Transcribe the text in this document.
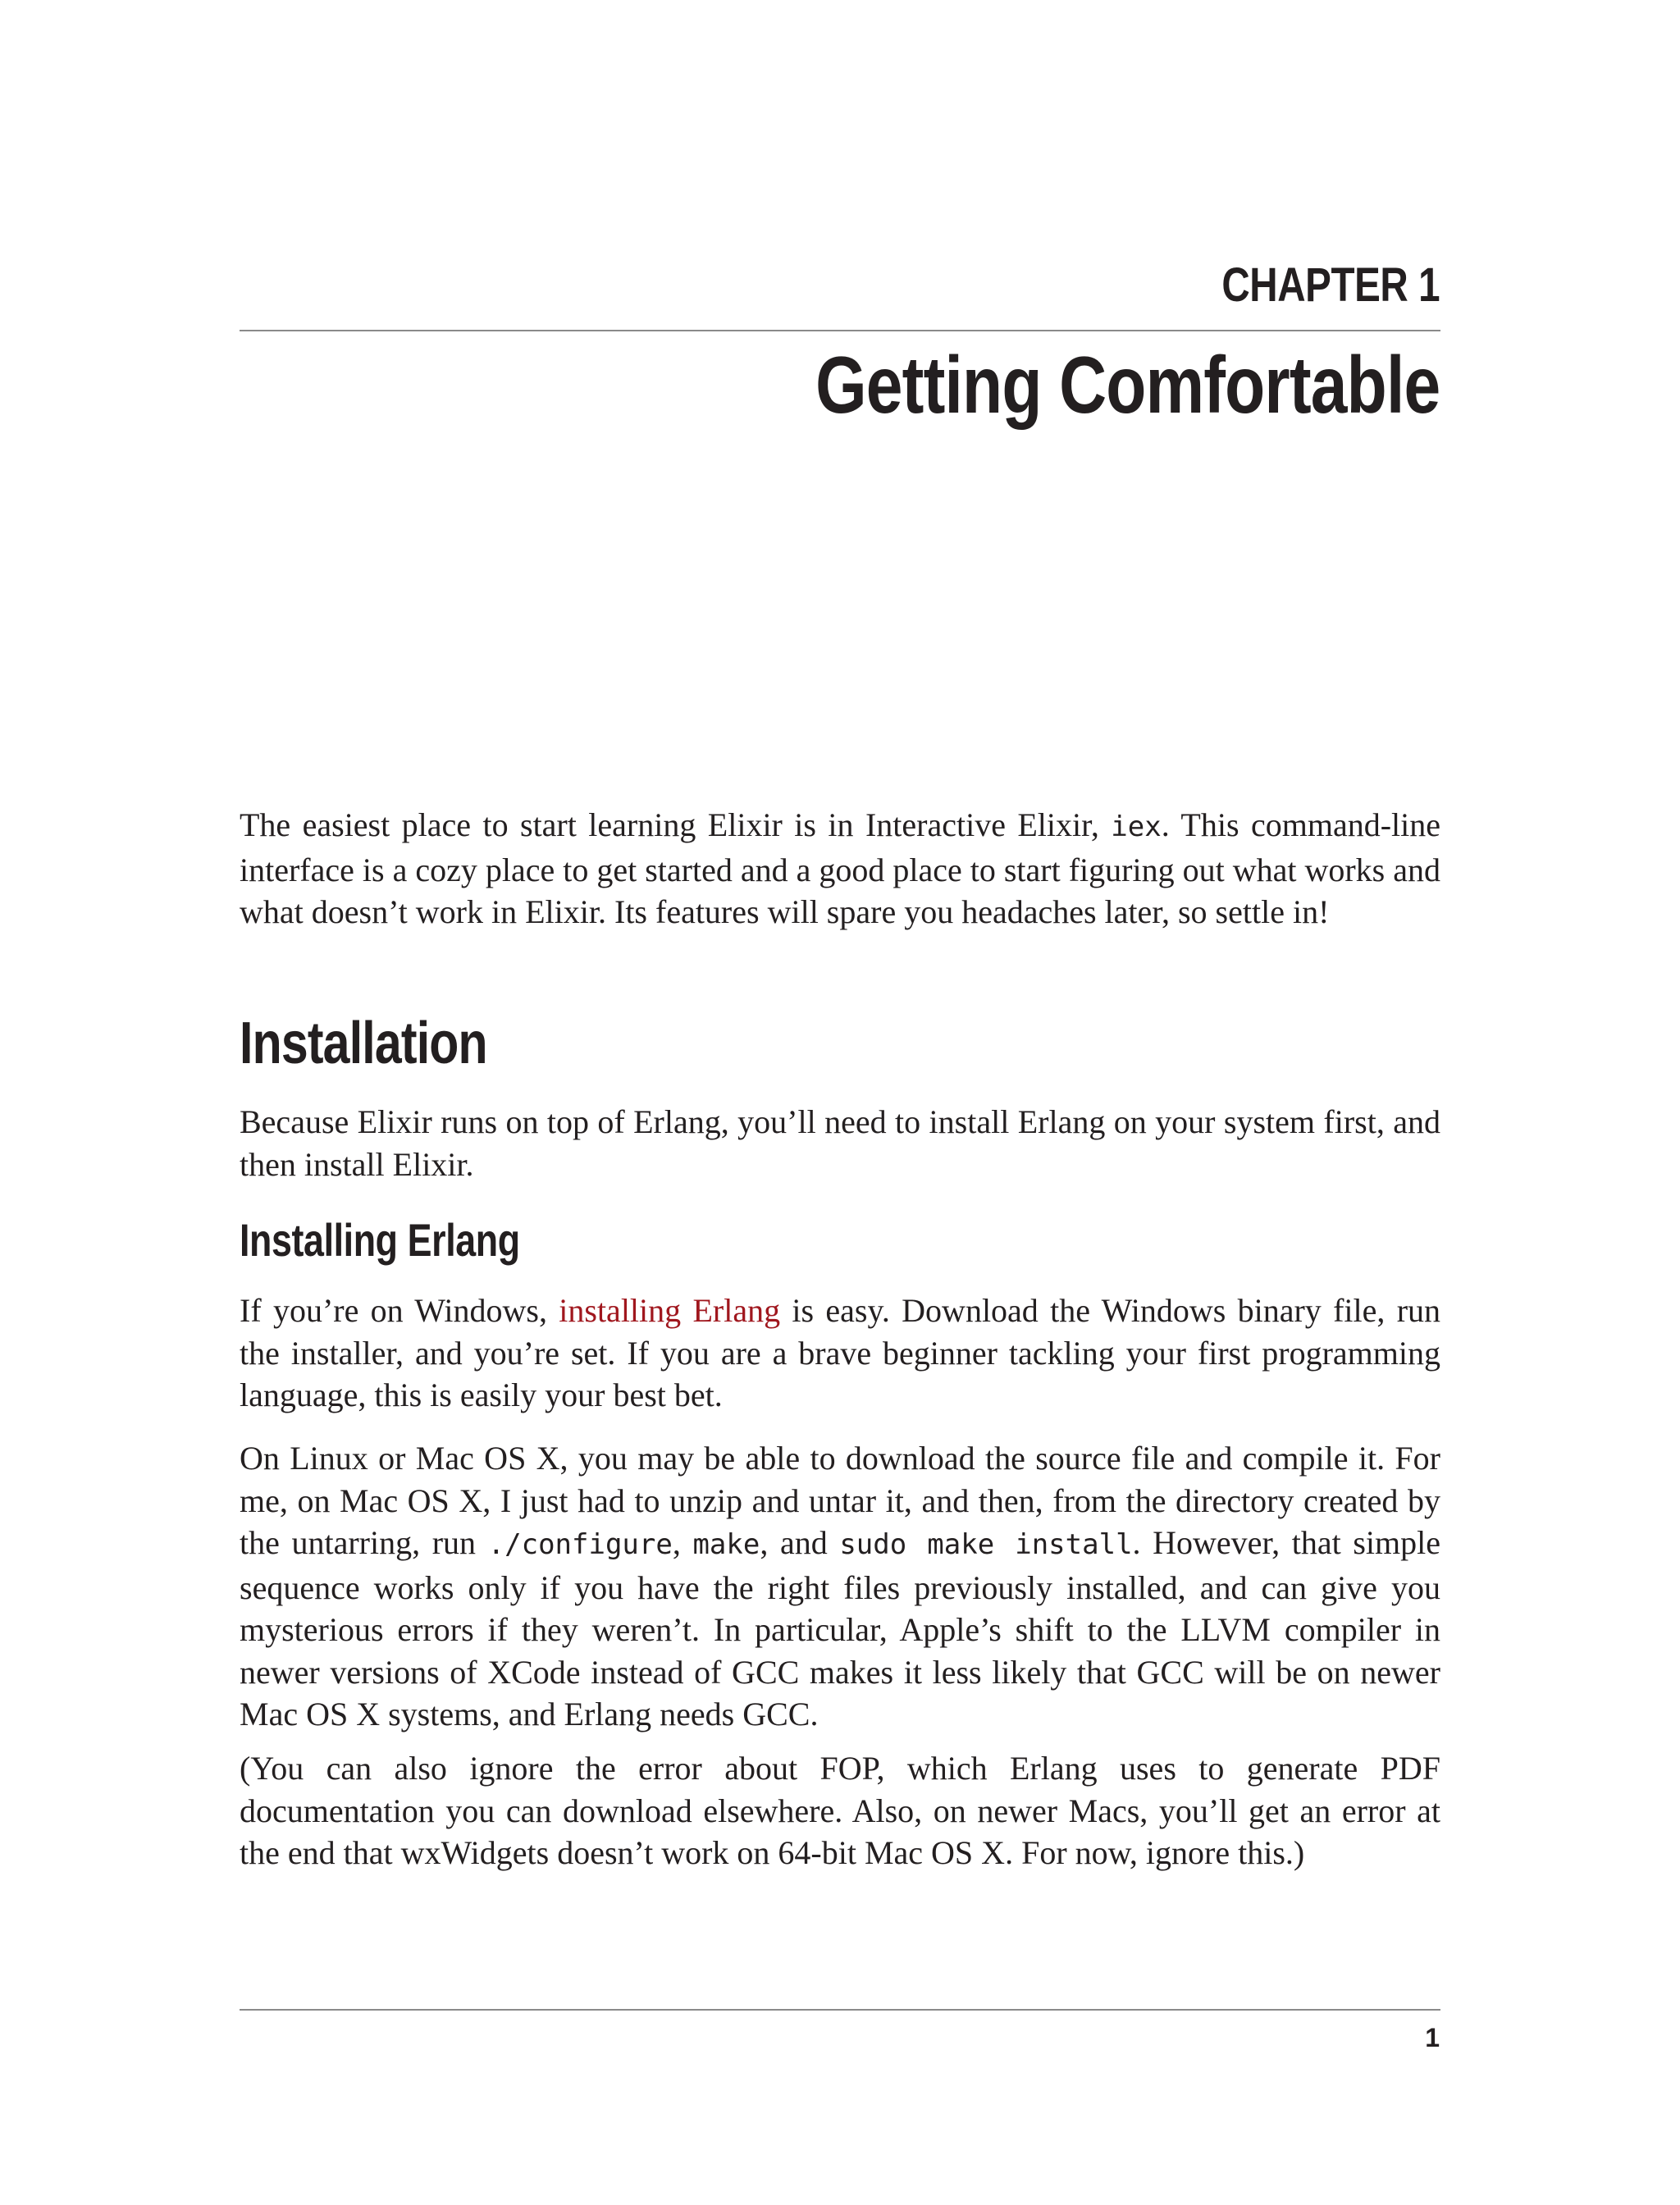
CHAPTER 1
Getting Comfortable

The easiest place to start learning Elixir is in Interactive Elixir, iex. This command-line interface is a cozy place to get started and a good place to start figuring out what works and what doesn’t work in Elixir. Its features will spare you headaches later, so settle in!

Installation

Because Elixir runs on top of Erlang, you’ll need to install Erlang on your system first, and then install Elixir.

Installing Erlang

If you’re on Windows, installing Erlang is easy. Download the Windows binary file, run the installer, and you’re set. If you are a brave beginner tackling your first programming language, this is easily your best bet.

On Linux or Mac OS X, you may be able to download the source file and compile it. For me, on Mac OS X, I just had to unzip and untar it, and then, from the directory created by the untarring, run ./configure, make, and sudo make install. However, that simple sequence works only if you have the right files previously installed, and can give you mysterious errors if they weren’t. In particular, Apple’s shift to the LLVM compiler in newer versions of XCode instead of GCC makes it less likely that GCC will be on newer Mac OS X systems, and Erlang needs GCC.

(You can also ignore the error about FOP, which Erlang uses to generate PDF documentation you can download elsewhere. Also, on newer Macs, you’ll get an error at the end that wxWidgets doesn’t work on 64-bit Mac OS X. For now, ignore this.)

1
